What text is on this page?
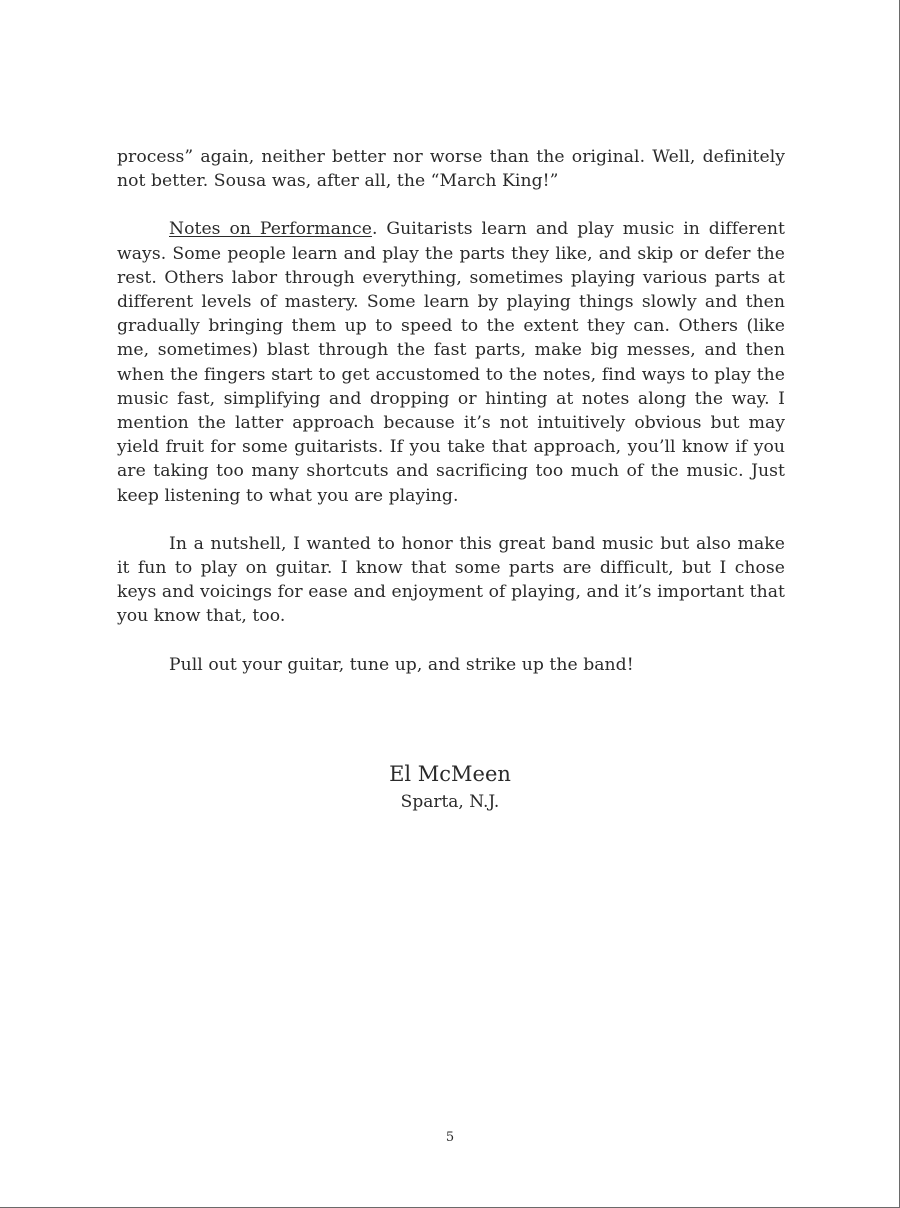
process” again, neither better nor worse than the original. Well, definitely not better. Sousa was, after all, the “March King!”

Notes on Performance. Guitarists learn and play music in different ways. Some people learn and play the parts they like, and skip or defer the rest. Others labor through everything, sometimes playing various parts at different levels of mastery. Some learn by playing things slowly and then gradually bringing them up to speed to the extent they can. Others (like me, sometimes) blast through the fast parts, make big messes, and then when the fingers start to get accustomed to the notes, find ways to play the music fast, simplifying and dropping or hinting at notes along the way. I mention the latter approach because it’s not intuitively obvious but may yield fruit for some guitarists. If you take that approach, you’ll know if you are taking too many shortcuts and sacrificing too much of the music. Just keep listening to what you are playing.

In a nutshell, I wanted to honor this great band music but also make it fun to play on guitar. I know that some parts are difficult, but I chose keys and voicings for ease and enjoyment of playing, and it’s important that you know that, too.

Pull out your guitar, tune up, and strike up the band!

El McMeen
Sparta, N.J.
5
